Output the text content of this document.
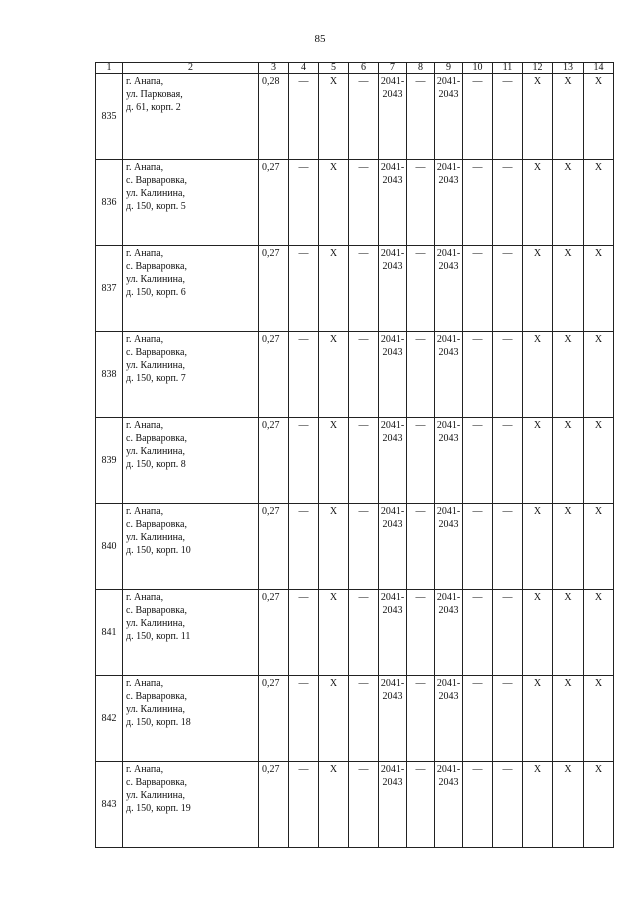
85
1	2	3	4	5	6	7	8	9	10	11	12	13	14
835	г. Анапа,
ул. Парковая,
д. 61, корп. 2	0,28	—	X	—	2041-
2043	—	2041-
2043	—	—	X	X	X
836	г. Анапа,
с. Варваровка,
ул. Калинина,
д. 150, корп. 5	0,27	—	X	—	2041-
2043	—	2041-
2043	—	—	X	X	X
837	г. Анапа,
с. Варваровка,
ул. Калинина,
д. 150, корп. 6	0,27	—	X	—	2041-
2043	—	2041-
2043	—	—	X	X	X
838	г. Анапа,
с. Варваровка,
ул. Калинина,
д. 150, корп. 7	0,27	—	X	—	2041-
2043	—	2041-
2043	—	—	X	X	X
839	г. Анапа,
с. Варваровка,
ул. Калинина,
д. 150, корп. 8	0,27	—	X	—	2041-
2043	—	2041-
2043	—	—	X	X	X
840	г. Анапа,
с. Варваровка,
ул. Калинина,
д. 150, корп. 10	0,27	—	X	—	2041-
2043	—	2041-
2043	—	—	X	X	X
841	г. Анапа,
с. Варваровка,
ул. Калинина,
д. 150, корп. 11	0,27	—	X	—	2041-
2043	—	2041-
2043	—	—	X	X	X
842	г. Анапа,
с. Варваровка,
ул. Калинина,
д. 150, корп. 18	0,27	—	X	—	2041-
2043	—	2041-
2043	—	—	X	X	X
843	г. Анапа,
с. Варваровка,
ул. Калинина,
д. 150, корп. 19	0,27	—	X	—	2041-
2043	—	2041-
2043	—	—	X	X	X
